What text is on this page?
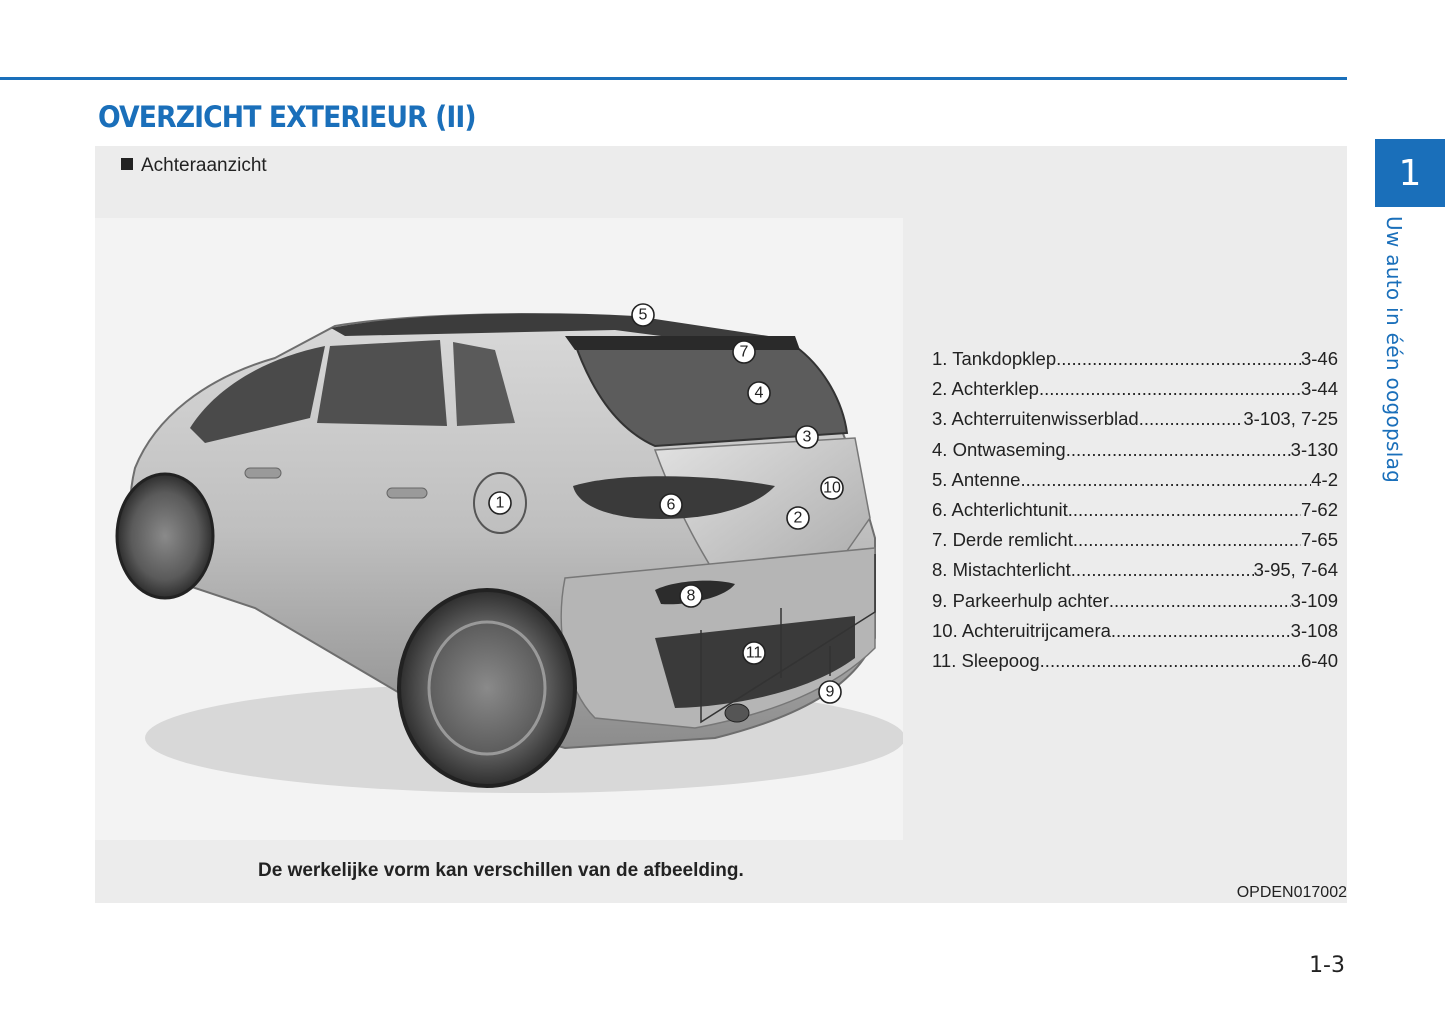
OVERZICHT EXTERIEUR (II)
Achteraanzicht
1
2
3
4
5
6
7
8
9
10
11
1. Tankdopklep .....	3-46
2. Achterklep .....	3-44
3. Achterruitenwisserblad .....	3-103, 7-25
4. Ontwaseming .....	3-130
5. Antenne .....	4-2
6. Achterlichtunit .....	7-62
7. Derde remlicht .....	7-65
8. Mistachterlicht .....	3-95, 7-64
9. Parkeerhulp achter .....	3-109
10. Achteruitrijcamera .....	3-108
11. Sleepoog .....	6-40
De werkelijke vorm kan verschillen van de afbeelding.
OPDEN017002
1-3
1
Uw auto in één oogopslag
